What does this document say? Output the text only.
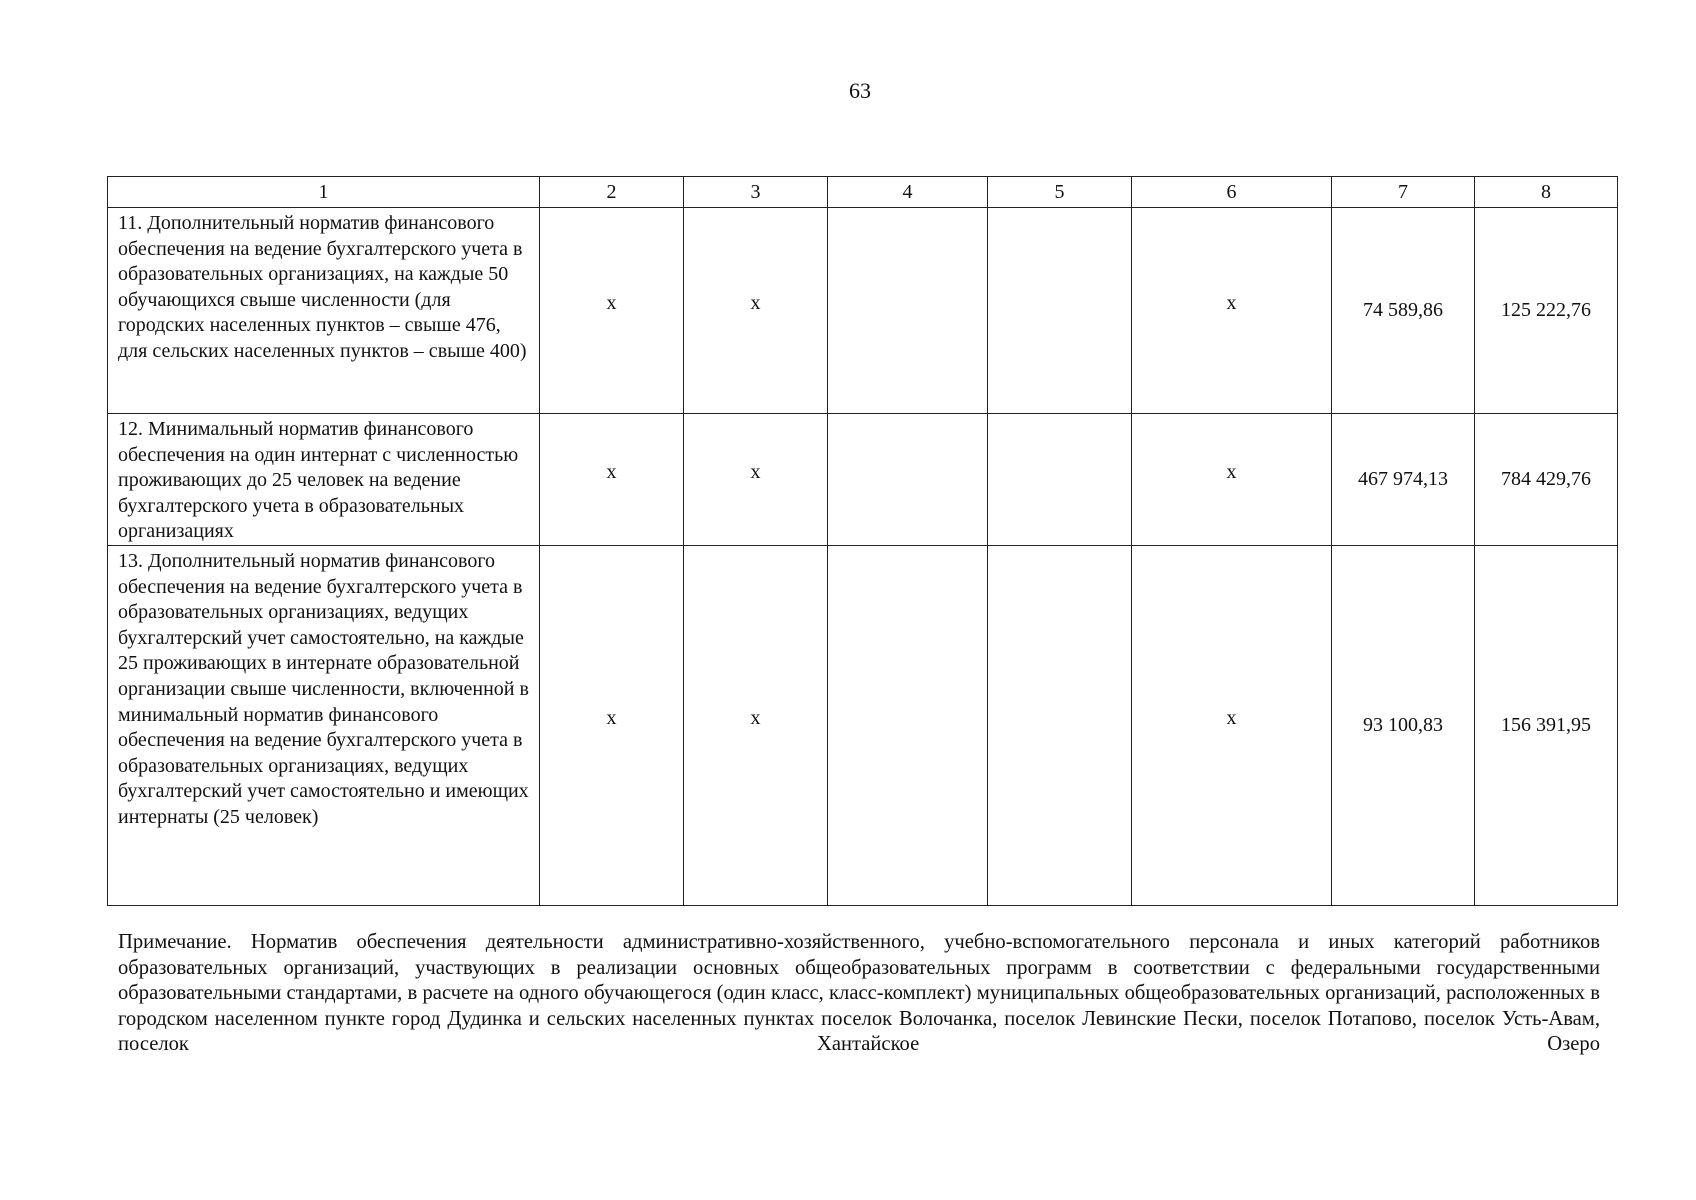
63
1	2	3	4	5	6	7	8
11. Дополнительный норматив финансового обеспечения на ведение бухгалтерского учета в образовательных организациях, на каждые 50 обучающихся свыше численности (для городских населенных пунктов – свыше 476, для сельских населенных пунктов – свыше 400)	х	х			х	74 589,86	125 222,76
12. Минимальный норматив финансового обеспечения на один интернат с численностью проживающих до 25 человек на ведение бухгалтерского учета в образовательных организациях	х	х			х	467 974,13	784 429,76
13. Дополнительный норматив финансового обеспечения на ведение бухгалтерского учета в образовательных организациях, ведущих бухгалтерский учет самостоятельно, на каждые 25 проживающих в интернате образовательной организации свыше численности, включенной в минимальный норматив финансового обеспечения на ведение бухгалтерского учета в образовательных организациях, ведущих бухгалтерский учет самостоятельно и имеющих интернаты (25 человек)	х	х			х	93 100,83	156 391,95
Примечание. Норматив обеспечения деятельности административно-хозяйственного, учебно-вспомогательного персонала и иных категорий работников образовательных организаций, участвующих в реализации основных общеобразовательных программ в соответствии с федеральными государственными образовательными стандартами, в расчете на одного обучающегося (один класс, класс-комплект) муниципальных общеобразовательных организаций, расположенных в городском населенном пункте город Дудинка и сельских населенных пунктах поселок Волочанка, поселок Левинские Пески, поселок Потапово, поселок Усть-Авам, поселок Хантайское Озеро
